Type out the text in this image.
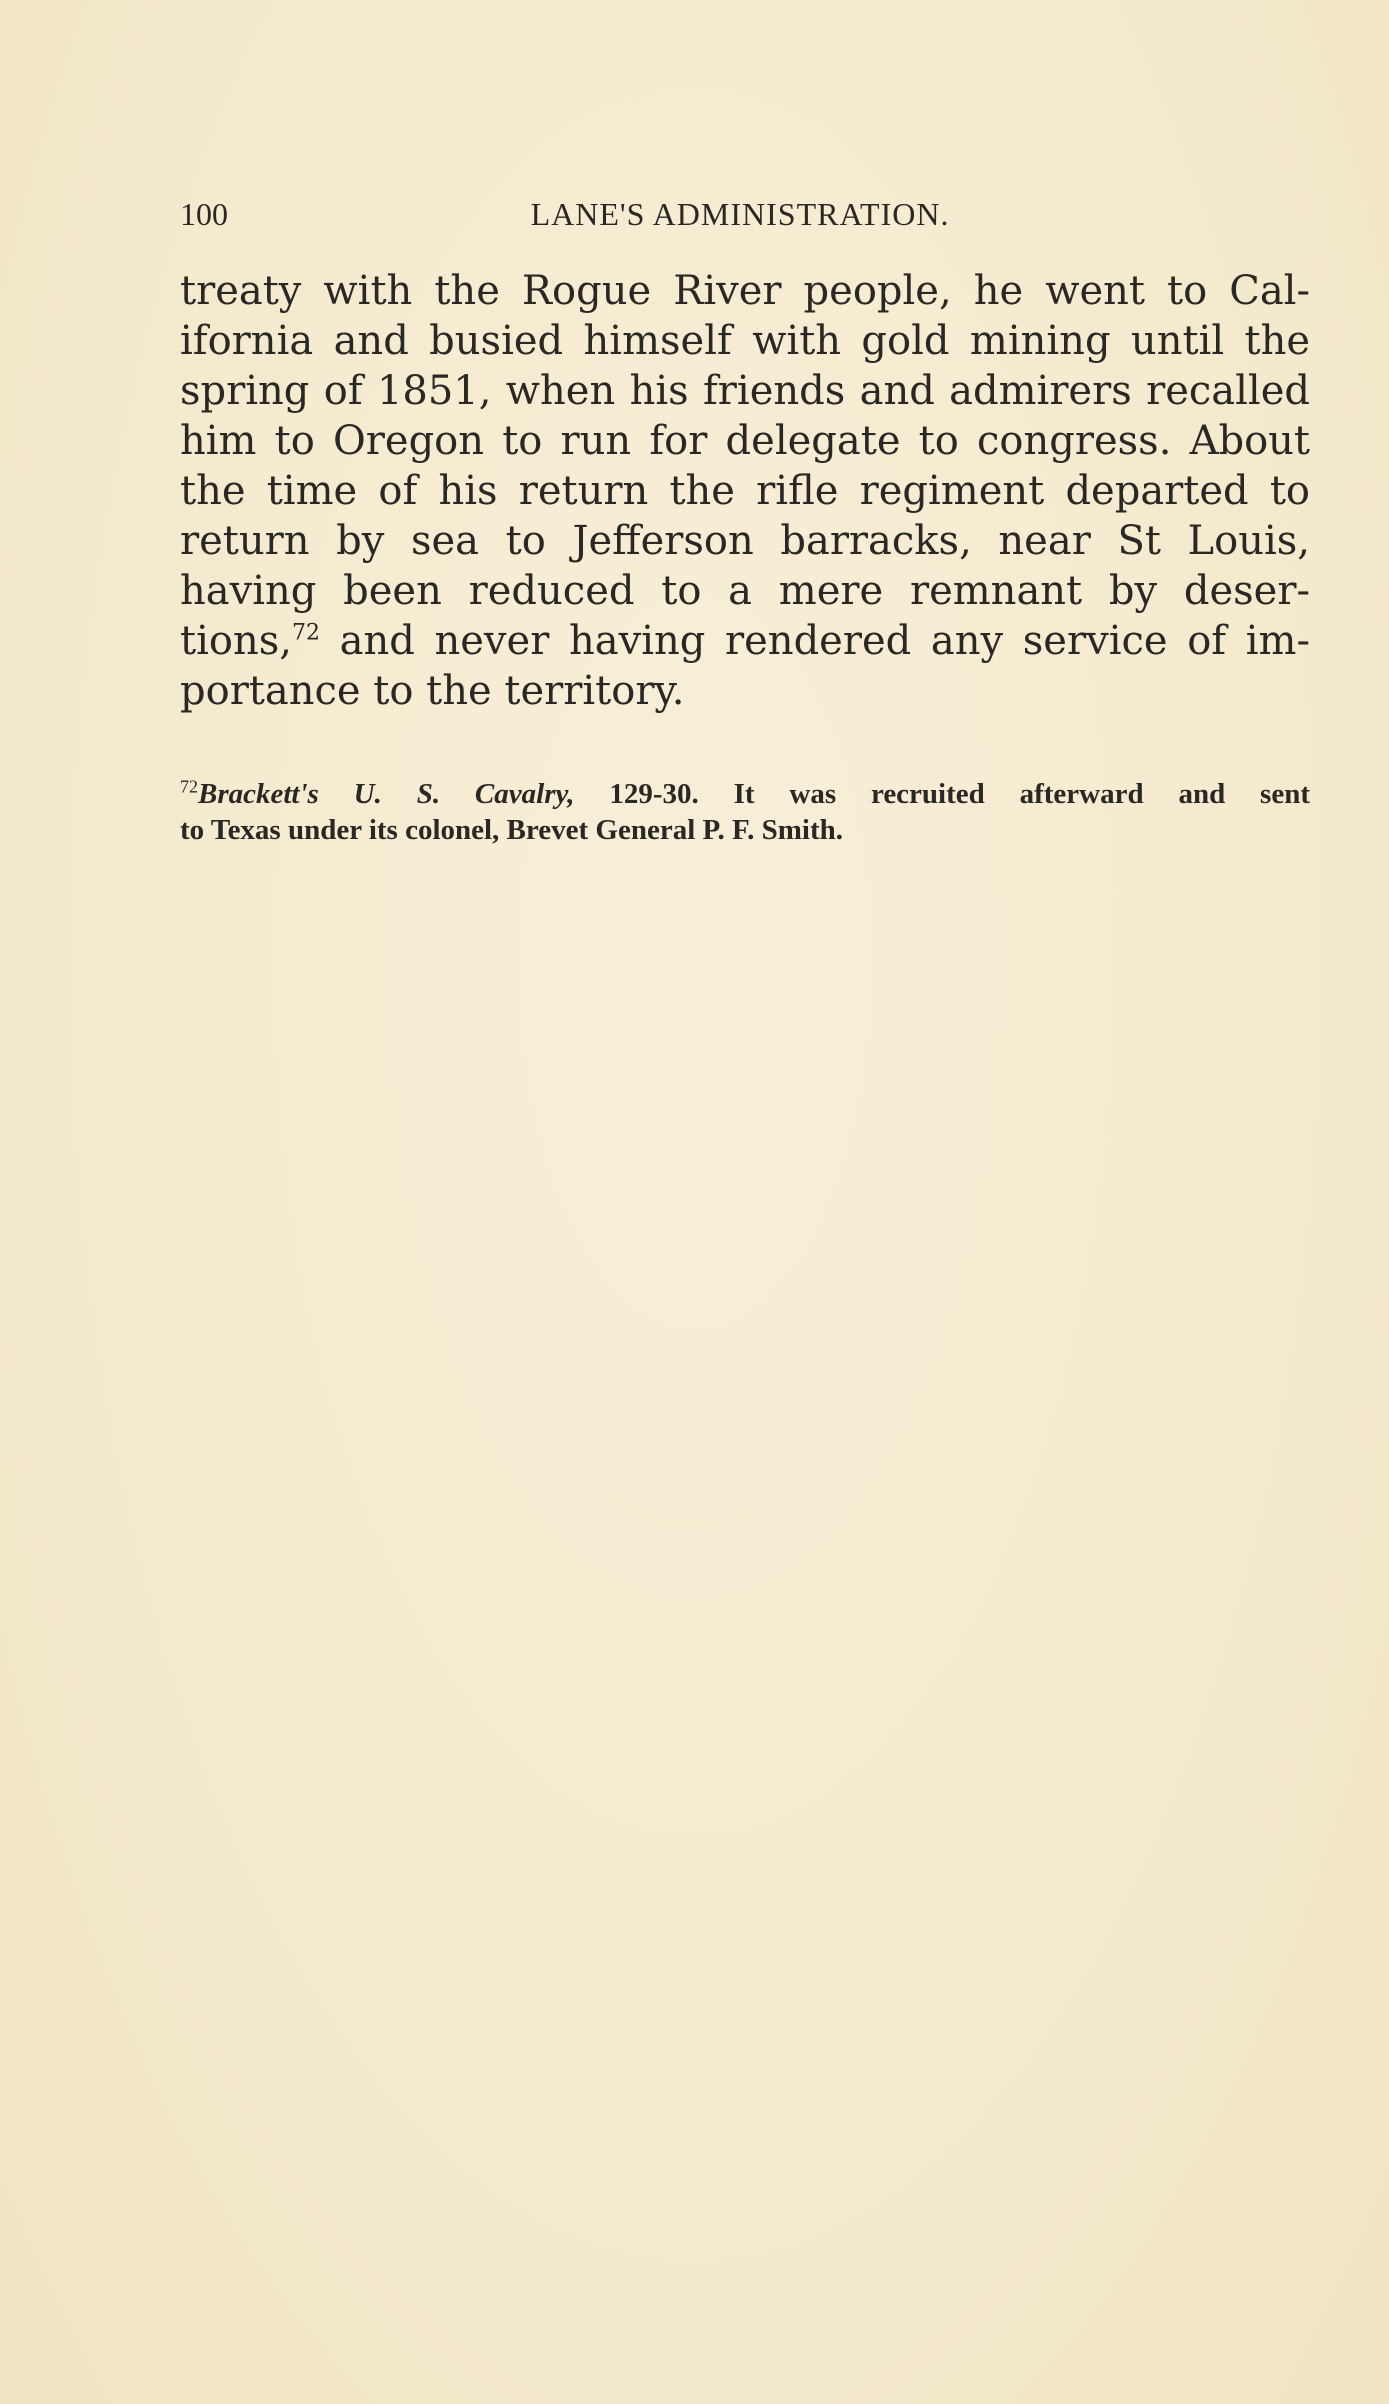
100	LANE'S ADMINISTRATION.
treaty with the Rogue River people, he went to Cal-
ifornia and busied himself with gold mining until the
spring of 1851, when his friends and admirers recalled
him to Oregon to run for delegate to congress. About
the time of his return the rifle regiment departed to
return by sea to Jefferson barracks, near St Louis,
having been reduced to a mere remnant by deser-
tions,$^{72}$ and never having rendered any service of im-
portance to the territory.
$^{72}$Brackett's U. S. Cavalry, 129-30. It was recruited afterward and sent
to Texas under its colonel, Brevet General P. F. Smith.
